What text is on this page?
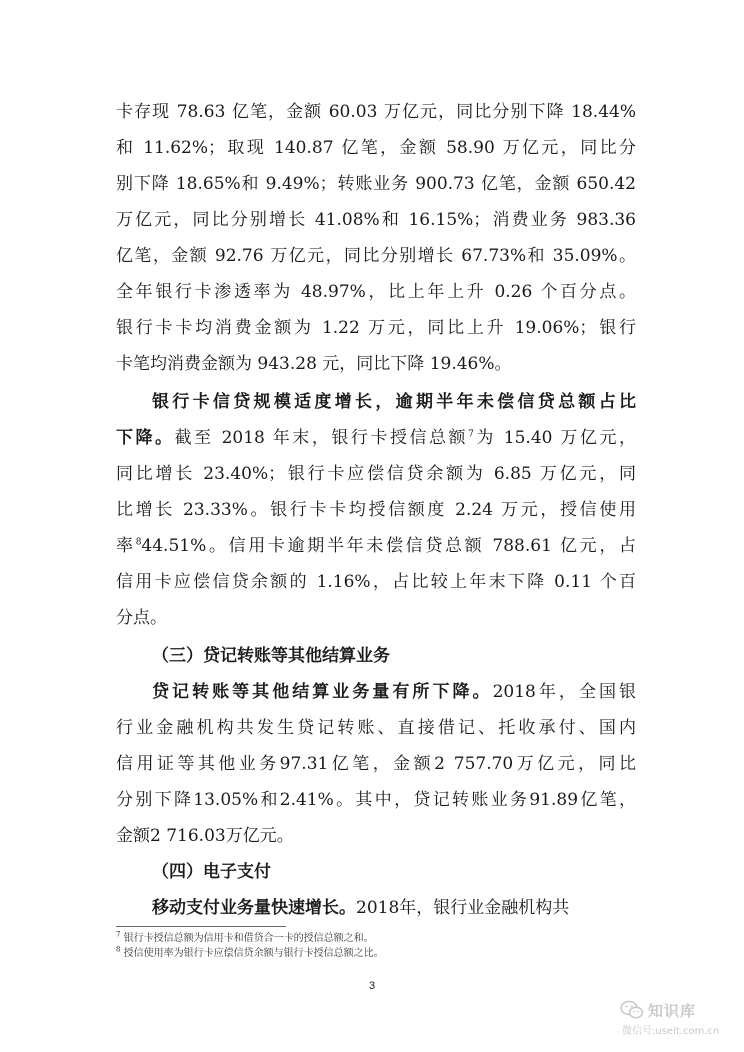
卡存现 78.63 亿笔，金额 60.03 万亿元，同比分别下降 18.44%
和 11.62%；取现 140.87 亿笔，金额 58.90 万亿元，同比分
别下降 18.65%和 9.49%；转账业务 900.73 亿笔，金额 650.42
万亿元，同比分别增长 41.08%和 16.15%；消费业务 983.36
亿笔，金额 92.76 万亿元，同比分别增长 67.73%和 35.09%。
全年银行卡渗透率为 48.97%，比上年上升 0.26 个百分点。
银行卡卡均消费金额为 1.22 万元，同比上升 19.06%；银行
卡笔均消费金额为 943.28 元，同比下降 19.46%。
银行卡信贷规模适度增长，逾期半年未偿信贷总额占比
下降。截至 2018 年末，银行卡授信总额$^7$为 15.40 万亿元，
同比增长 23.40%；银行卡应偿信贷余额为 6.85 万亿元，同
比增长 23.33%。银行卡卡均授信额度 2.24 万元，授信使用
率$^8$44.51%。信用卡逾期半年未偿信贷总额 788.61 亿元，占
信用卡应偿信贷余额的 1.16%，占比较上年末下降 0.11 个百
分点。
（三）贷记转账等其他结算业务
贷记转账等其他结算业务量有所下降。2018年，全国银
行业金融机构共发生贷记转账、直接借记、托收承付、国内
信用证等其他业务97.31亿笔，金额2 757.70万亿元，同比
分别下降13.05%和2.41%。其中，贷记转账业务91.89亿笔，
金额2 716.03万亿元。
（四）电子支付
移动支付业务量快速增长。2018年，银行业金融机构共
$^7$ 银行卡授信总额为信用卡和借贷合一卡的授信总额之和。
$^8$ 授信使用率为银行卡应偿信贷余额与银行卡授信总额之比。
3
知识库
微信号:useit.com.cn
